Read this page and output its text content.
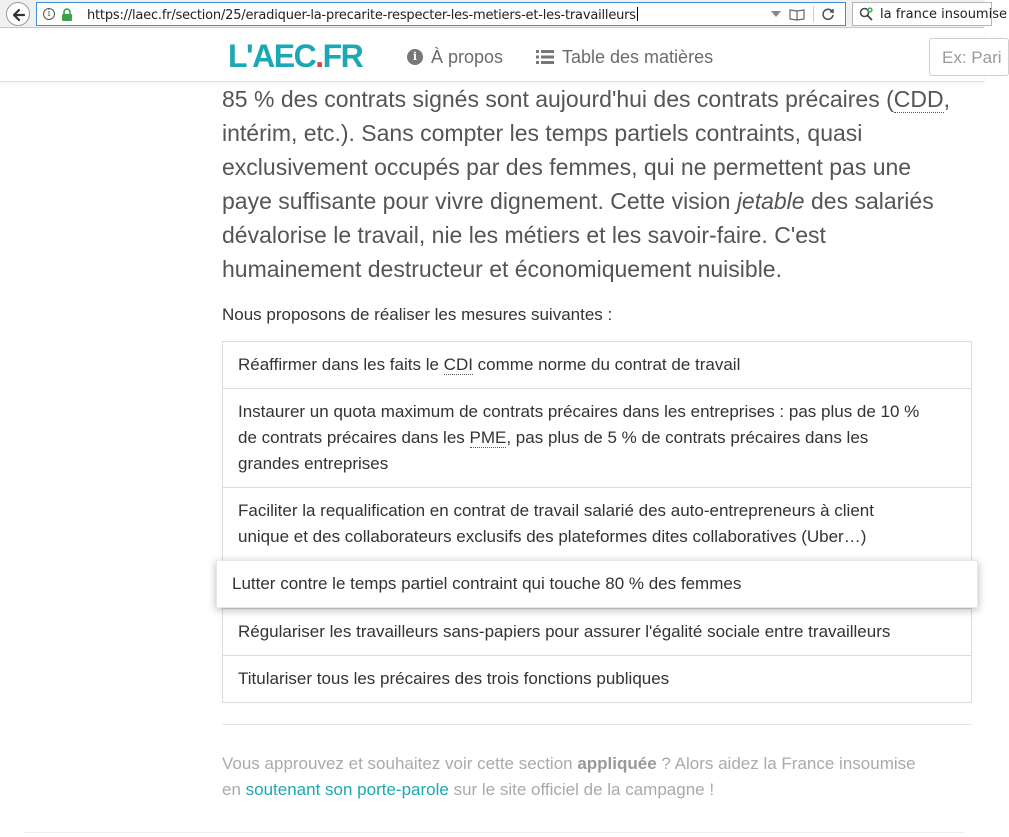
i	https://laec.fr/section/25/eradiquer-la-precarite-respecter-les-metiers-et-les-travailleurs	la france insoumise
L'AEC.FR	i À propos	Table des matières
Ex: Paris
85 % des contrats signés sont aujourd'hui des contrats précaires (CDD,
intérim, etc.). Sans compter les temps partiels contraints, quasi
exclusivement occupés par des femmes, qui ne permettent pas une
paye suffisante pour vivre dignement. Cette vision jetable des salariés
dévalorise le travail, nie les métiers et les savoir-faire. C'est
humainement destructeur et économiquement nuisible.
Nous proposons de réaliser les mesures suivantes :
Réaffirmer dans les faits le CDI comme norme du contrat de travail
Instaurer un quota maximum de contrats précaires dans les entreprises : pas plus de 10 %
de contrats précaires dans les PME, pas plus de 5 % de contrats précaires dans les
grandes entreprises
Faciliter la requalification en contrat de travail salarié des auto-entrepreneurs à client
unique et des collaborateurs exclusifs des plateformes dites collaboratives (Uber…)
Lutter contre le temps partiel contraint qui touche 80 % des femmes
Régulariser les travailleurs sans-papiers pour assurer l'égalité sociale entre travailleurs
Titulariser tous les précaires des trois fonctions publiques
Vous approuvez et souhaitez voir cette section appliquée ? Alors aidez la France insoumise
en soutenant son porte-parole sur le site officiel de la campagne !
